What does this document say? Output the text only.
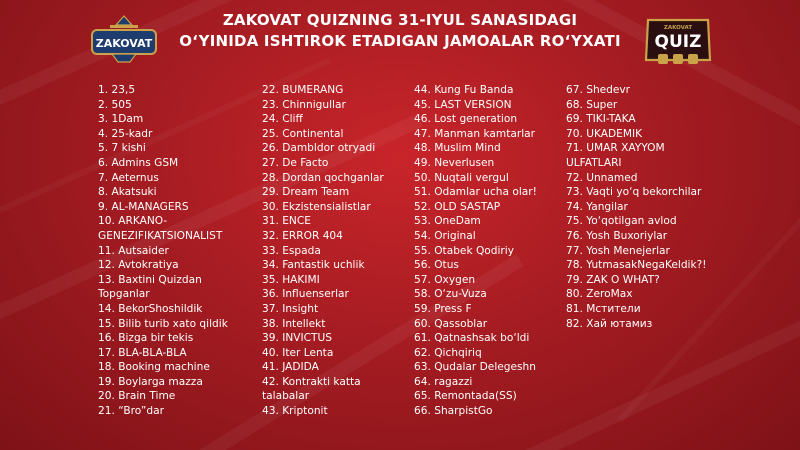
ZAKOVAT
ZAKOVAT
QUIZ
ZAKOVAT QUIZNING 31-IYUL SANASIDAGI
O‘YINIDA ISHTIROK ETADIGAN JAMOALAR RO‘YXATI
1. 23,5
2. 505
3. 1Dam
4. 25-kadr
5. 7 kishi
6. Admins GSM
7. Aeternus
8. Akatsuki
9. AL-MANAGERS
10. ARKANO-
GENEZIFIKATSIONALIST
11. Autsaider
12. Avtokratiya
13. Baxtini Quizdan
Topganlar
14. BekorShoshildik
15. Bilib turib xato qildik
16. Bizga bir tekis
17. BLA-BLA-BLA
18. Booking machine
19. Boylarga mazza
20. Brain Time
21. “Bro”dar
22. BUMERANG
23. Chinnigullar
24. Cliff
25. Continental
26. Dambldor otryadi
27. De Facto
28. Dordan qochganlar
29. Dream Team
30. Ekzistensialistlar
31. ENCE
32. ERROR 404
33. Espada
34. Fantastik uchlik
35. HAKIMI
36. Influenserlar
37. Insight
38. Intellekt
39. INVICTUS
40. Iter Lenta
41. JADIDA
42. Kontrakti katta
talabalar
43. Kriptonit
44. Kung Fu Banda
45. LAST VERSION
46. Lost generation
47. Manman kamtarlar
48. Muslim Mind
49. Neverlusen
50. Nuqtali vergul
51. Odamlar ucha olar!
52. OLD SASTAP
53. OneDam
54. Original
55. Otabek Qodiriy
56. Otus
57. Oxygen
58. O‘zu-Vuza
59. Press F
60. Qassoblar
61. Qatnashsak bo‘ldi
62. Qichqiriq
63. Qudalar Delegeshn
64. ragazzi
65. Remontada(SS)
66. SharpistGo
67. Shedevr
68. Super
69. TIKI-TAKA
70. UKADEMIK
71. UMAR XAYYOM
ULFATLARI
72. Unnamed
73. Vaqti yo‘q bekorchilar
74. Yangilar
75. Yo‘qotilgan avlod
76. Yosh Buxoriylar
77. Yosh Menejerlar
78. YutmasakNegaKeldik?!
79. ZAK O WHAT?
80. ZeroMax
81. Мстители
82. Хай ютамиз
